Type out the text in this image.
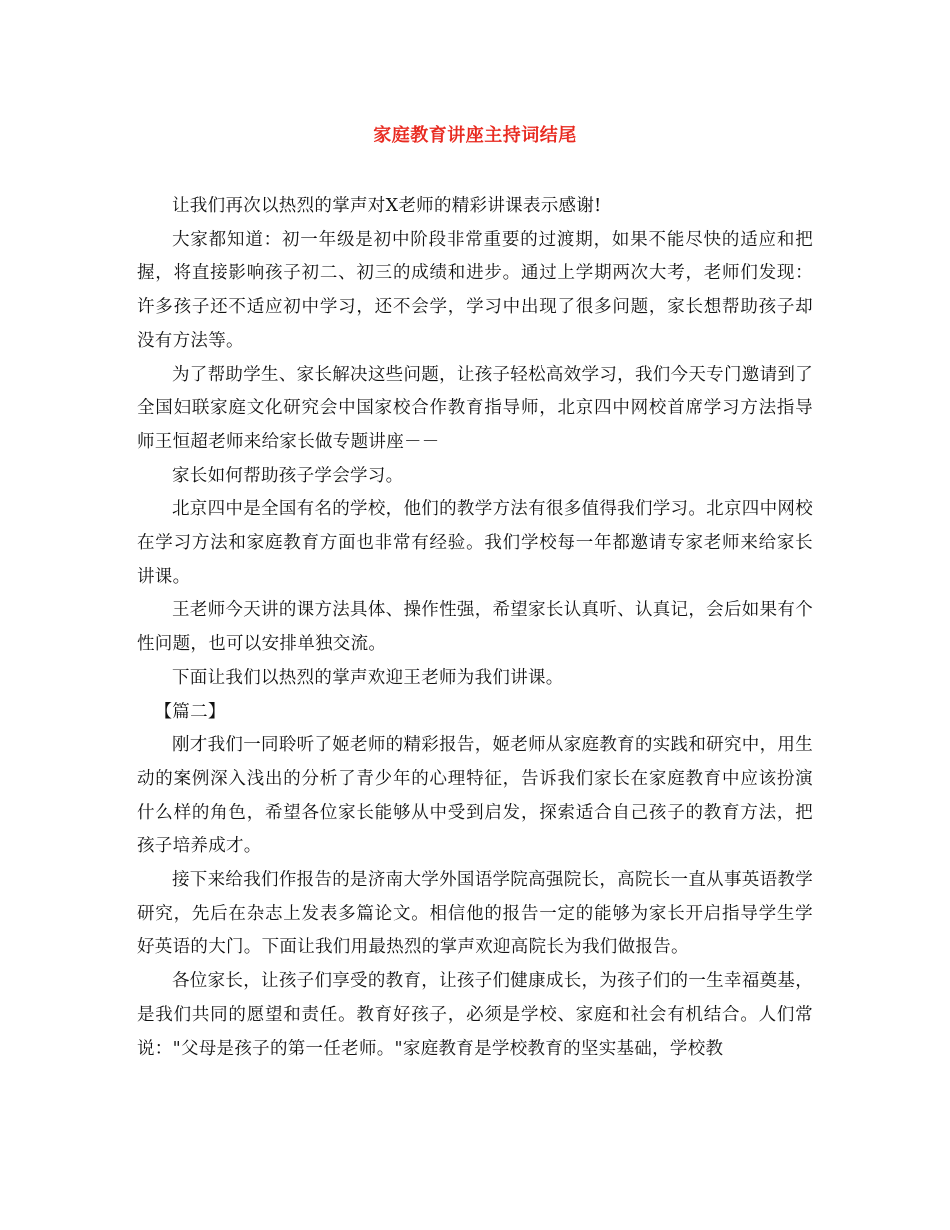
家庭教育讲座主持词结尾

让我们再次以热烈的掌声对X老师的精彩讲课表示感谢!

大家都知道：初一年级是初中阶段非常重要的过渡期，如果不能尽快的适应和把握，将直接影响孩子初二、初三的成绩和进步。通过上学期两次大考，老师们发现：许多孩子还不适应初中学习，还不会学，学习中出现了很多问题，家长想帮助孩子却没有方法等。

为了帮助学生、家长解决这些问题，让孩子轻松高效学习，我们今天专门邀请到了全国妇联家庭文化研究会中国家校合作教育指导师，北京四中网校首席学习方法指导师王恒超老师来给家长做专题讲座－－

家长如何帮助孩子学会学习。

北京四中是全国有名的学校，他们的教学方法有很多值得我们学习。北京四中网校在学习方法和家庭教育方面也非常有经验。我们学校每一年都邀请专家老师来给家长讲课。

王老师今天讲的课方法具体、操作性强，希望家长认真听、认真记，会后如果有个性问题，也可以安排单独交流。

下面让我们以热烈的掌声欢迎王老师为我们讲课。

【篇二】

刚才我们一同聆听了姬老师的精彩报告，姬老师从家庭教育的实践和研究中，用生动的案例深入浅出的分析了青少年的心理特征，告诉我们家长在家庭教育中应该扮演什么样的角色，希望各位家长能够从中受到启发，探索适合自己孩子的教育方法，把孩子培养成才。

接下来给我们作报告的是济南大学外国语学院高强院长，高院长一直从事英语教学研究，先后在杂志上发表多篇论文。相信他的报告一定的能够为家长开启指导学生学好英语的大门。下面让我们用最热烈的掌声欢迎高院长为我们做报告。

各位家长，让孩子们享受的教育，让孩子们健康成长，为孩子们的一生幸福奠基，是我们共同的愿望和责任。教育好孩子，必须是学校、家庭和社会有机结合。人们常说："父母是孩子的第一任老师。"家庭教育是学校教育的坚实基础，学校教
